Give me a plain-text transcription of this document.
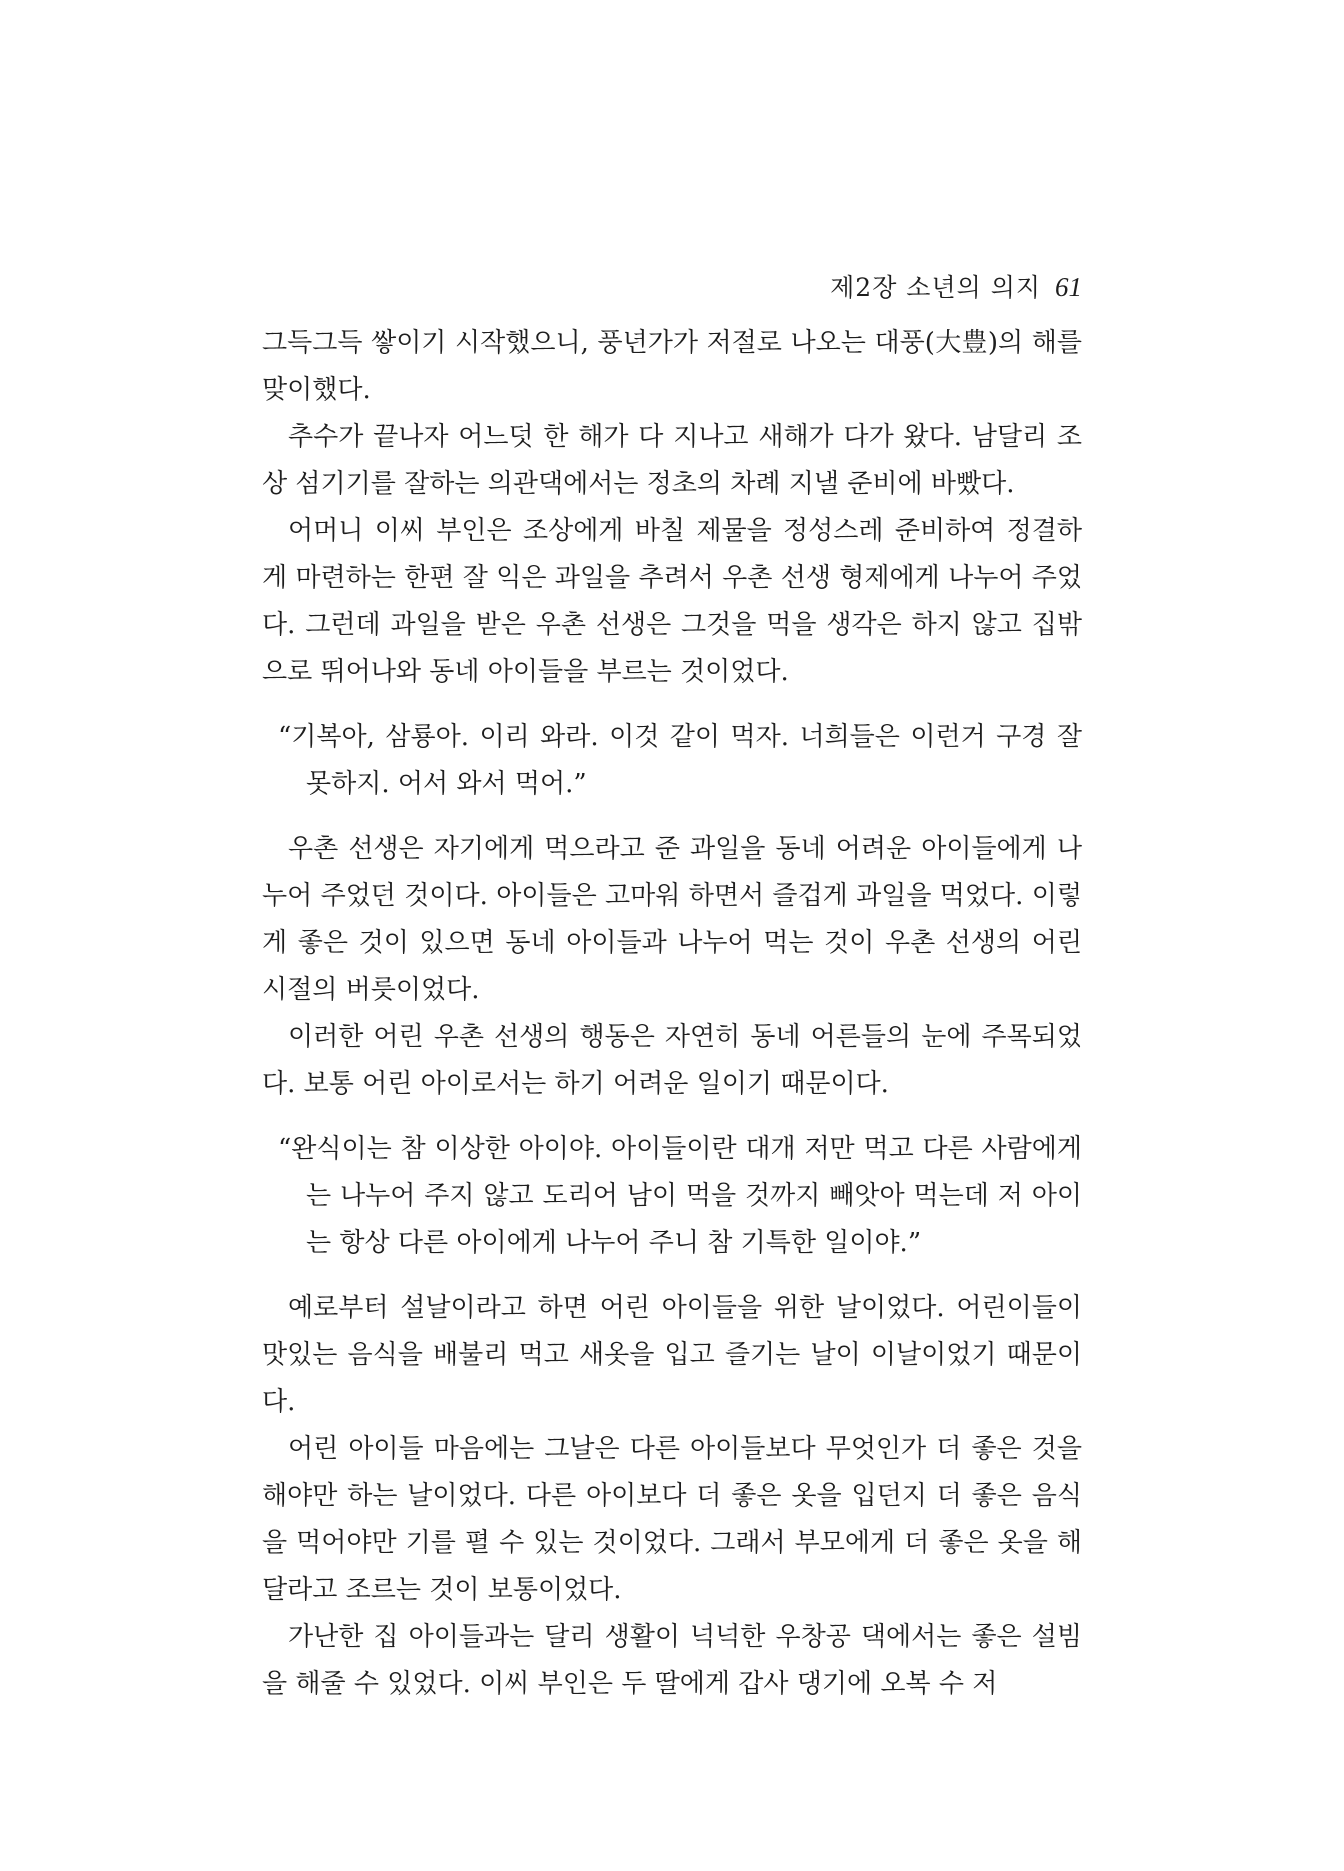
제2장 소년의 의지 61

그득그득 쌓이기 시작했으니, 풍년가가 저절로 나오는 대풍(大豊)의 해를 맞이했다.

추수가 끝나자 어느덧 한 해가 다 지나고 새해가 다가 왔다. 남달리 조상 섬기기를 잘하는 의관댁에서는 정초의 차례 지낼 준비에 바빴다.

어머니 이씨 부인은 조상에게 바칠 제물을 정성스레 준비하여 정결하게 마련하는 한편 잘 익은 과일을 추려서 우촌 선생 형제에게 나누어 주었다. 그런데 과일을 받은 우촌 선생은 그것을 먹을 생각은 하지 않고 집밖으로 뛰어나와 동네 아이들을 부르는 것이었다.

“기복아, 삼룡아. 이리 와라. 이것 같이 먹자. 너희들은 이런거 구경 잘 못하지. 어서 와서 먹어.”

우촌 선생은 자기에게 먹으라고 준 과일을 동네 어려운 아이들에게 나누어 주었던 것이다. 아이들은 고마워 하면서 즐겁게 과일을 먹었다. 이렇게 좋은 것이 있으면 동네 아이들과 나누어 먹는 것이 우촌 선생의 어린 시절의 버릇이었다.

이러한 어린 우촌 선생의 행동은 자연히 동네 어른들의 눈에 주목되었다. 보통 어린 아이로서는 하기 어려운 일이기 때문이다.

“완식이는 참 이상한 아이야. 아이들이란 대개 저만 먹고 다른 사람에게는 나누어 주지 않고 도리어 남이 먹을 것까지 빼앗아 먹는데 저 아이는 항상 다른 아이에게 나누어 주니 참 기특한 일이야.”

예로부터 설날이라고 하면 어린 아이들을 위한 날이었다. 어린이들이 맛있는 음식을 배불리 먹고 새옷을 입고 즐기는 날이 이날이었기 때문이다.

어린 아이들 마음에는 그날은 다른 아이들보다 무엇인가 더 좋은 것을 해야만 하는 날이었다. 다른 아이보다 더 좋은 옷을 입던지 더 좋은 음식을 먹어야만 기를 펼 수 있는 것이었다. 그래서 부모에게 더 좋은 옷을 해 달라고 조르는 것이 보통이었다.

가난한 집 아이들과는 달리 생활이 넉넉한 우창공 댁에서는 좋은 설빔을 해줄 수 있었다. 이씨 부인은 두 딸에게 갑사 댕기에 오복 수 저
